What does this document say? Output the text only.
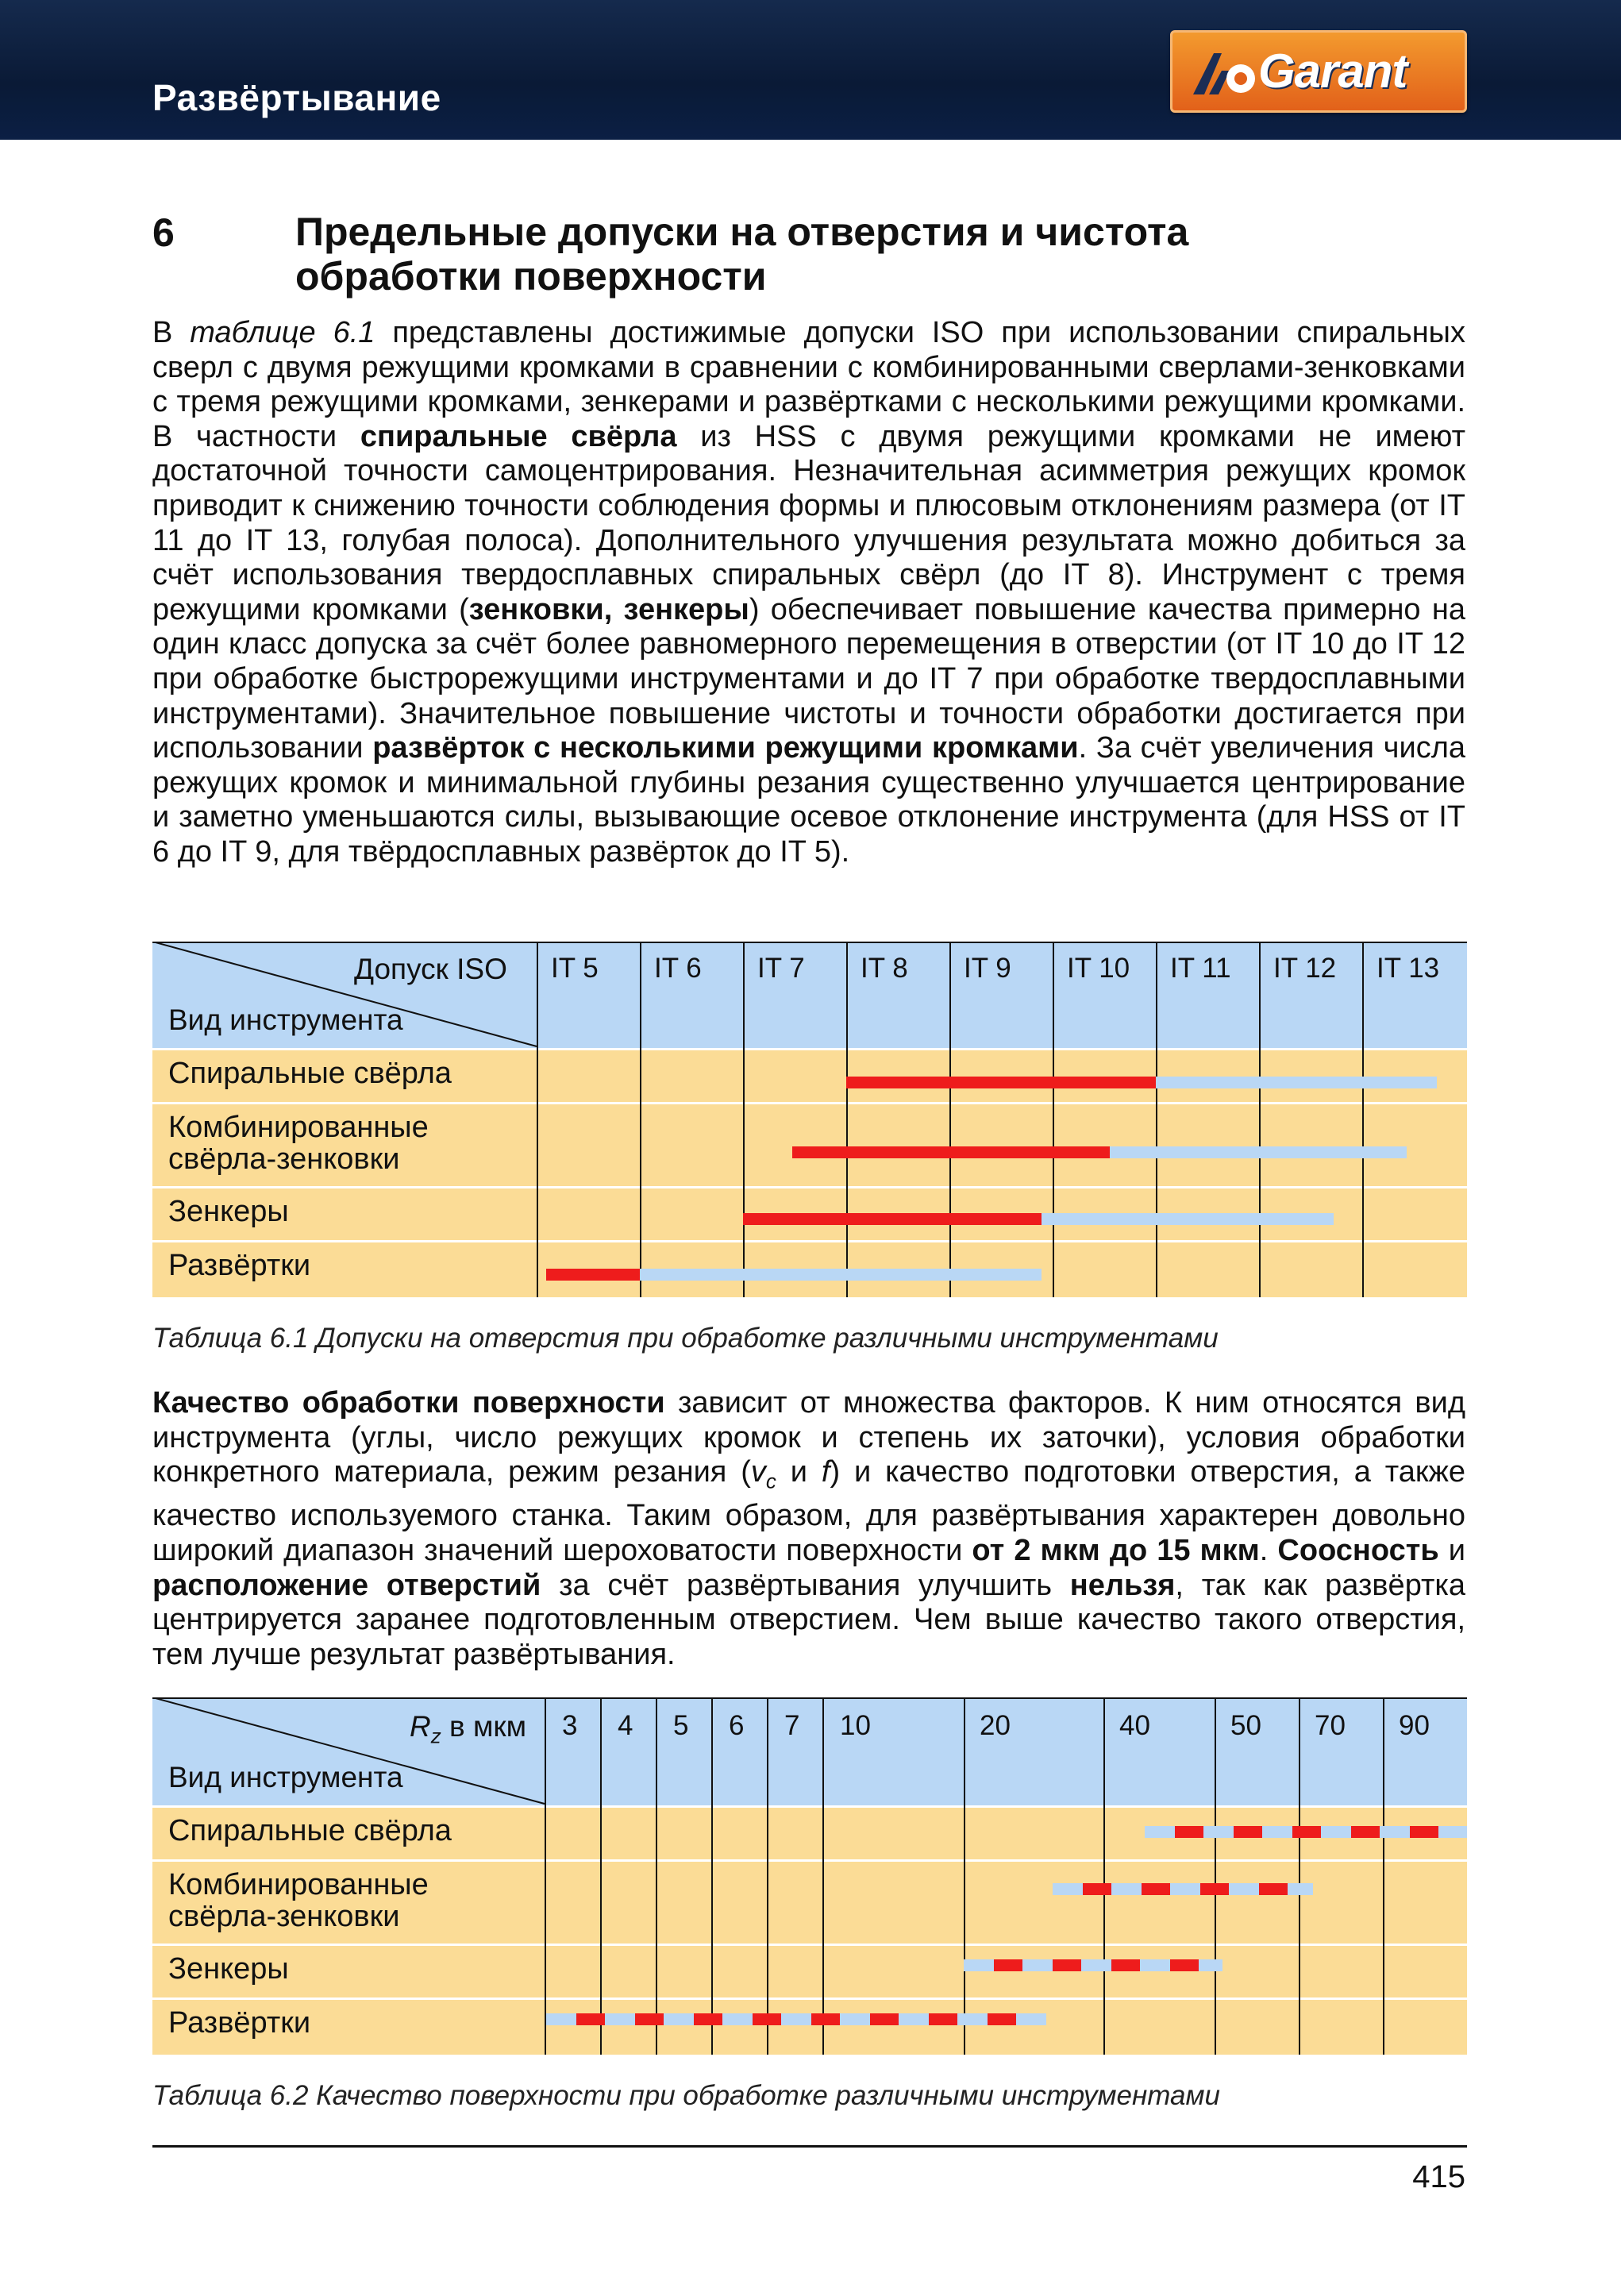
Развёртывание	Garant
6	Предельные допуски на отверстия и чистота
обработки поверхности
В таблице 6.1 представлены достижимые допуски ISO при использовании спиральных сверл с двумя режущими кромками в сравнении с комбинированными сверлами-зенковками с тремя режущими кромками, зенкерами и развёртками с несколькими режущими кромками. В частности спиральные свёрла из HSS с двумя режущими кромками не имеют достаточной точности самоцентрирования. Незначительная асимметрия режущих кромок приводит к снижению точности соблюдения формы и плюсовым отклонениям размера (от IT 11 до IT 13, голубая полоса). Дополнительного улучшения результата можно добиться за счёт использования твердосплавных спиральных свёрл (до IT 8). Инструмент с тремя режущими кромками (зенковки, зенкеры) обеспечивает повышение качества примерно на один класс допуска за счёт более равномерного перемещения в отверстии (от IT 10 до IT 12 при обработке быстрорежущими инструментами и до IT 7 при обработке твердосплавными инструментами). Значительное повышение чистоты и точности обработки достигается при использовании развёрток с несколькими режущими кромками. За счёт увеличения числа режущих кромок и минимальной глубины резания существенно улучшается центрирование и заметно уменьшаются силы, вызывающие осевое отклонение инструмента (для HSS от IT 6 до IT 9, для твёрдосплавных развёрток до IT 5).
Допуск ISO
Вид инструмента
IT 5 IT 6 IT 7 IT 8 IT 9 IT 10 IT 11 IT 12 IT 13
Спиральные свёрла
Комбинированные
свёрла-зенковки
Зенкеры
Развёртки
Таблица 6.1 Допуски на отверстия при обработке различными инструментами
Качество обработки поверхности зависит от множества факторов. К ним относятся вид инструмента (углы, число режущих кромок и степень их заточки), условия обработки конкретного материала, режим резания ($v_c$ и f) и качество подготовки отверстия, а также качество используемого станка. Таким образом, для развёртывания характерен довольно широкий диапазон значений шероховатости поверхности от 2 мкм до 15 мкм. Соосность и расположение отверстий за счёт развёртывания улучшить нельзя, так как развёртка центрируется заранее подготовленным отверстием. Чем выше качество такого отверстия, тем лучше результат развёртывания.
$R_z$ в мкм
Вид инструмента
3 4 5 6 7 10	20	40	50 70 90
Спиральные свёрла
Комбинированные
свёрла-зенковки
Зенкеры
Развёртки
Таблица 6.2 Качество поверхности при обработке различными инструментами
415
